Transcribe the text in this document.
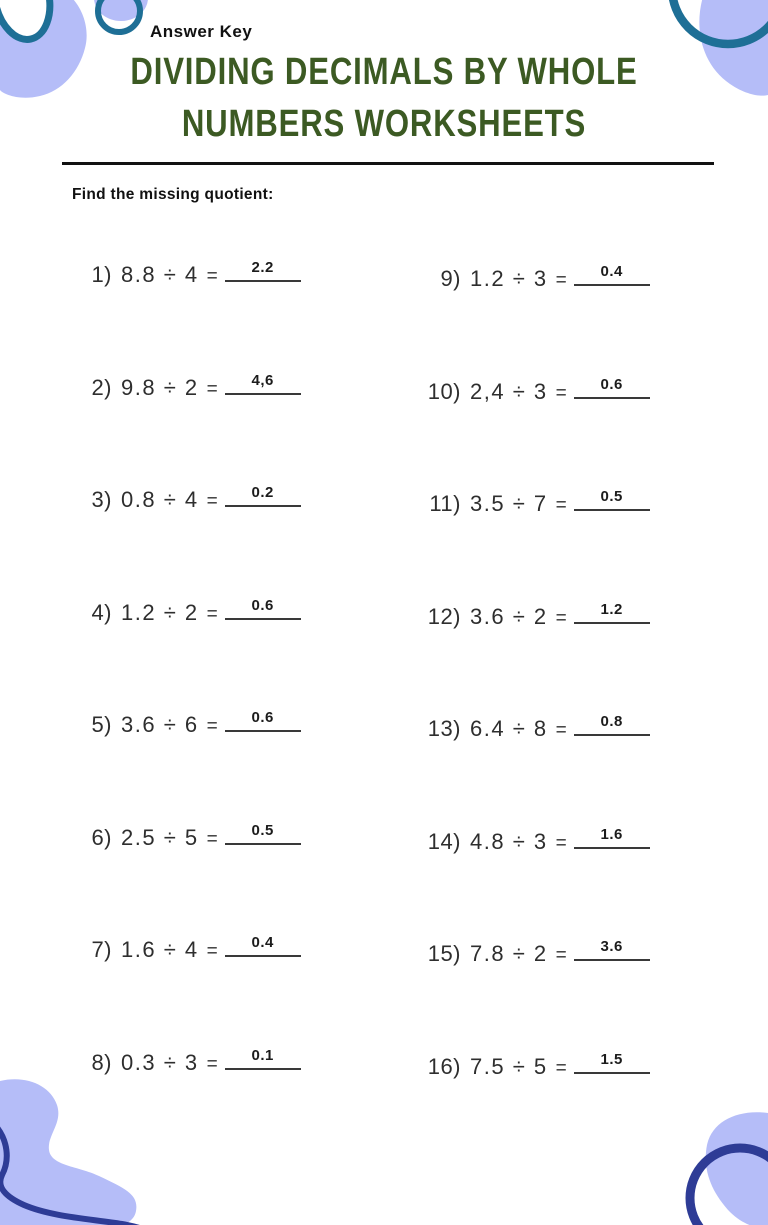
Answer Key
DIVIDING DECIMALS BY WHOLE
NUMBERS WORKSHEETS
Find the missing quotient:
1) 8.8 ÷ 4 =	2.2
2) 9.8 ÷ 2 =	4,6
3) 0.8 ÷ 4 =	0.2
4) 1.2 ÷ 2 =	0.6
5) 3.6 ÷ 6 =	0.6
6) 2.5 ÷ 5 =	0.5
7) 1.6 ÷ 4 =	0.4
8) 0.3 ÷ 3 =	0.1
9) 1.2 ÷ 3 =	0.4
10) 2,4 ÷ 3 =	0.6
11) 3.5 ÷ 7 =	0.5
12) 3.6 ÷ 2 =	1.2
13) 6.4 ÷ 8 =	0.8
14) 4.8 ÷ 3 =	1.6
15) 7.8 ÷ 2 =	3.6
16) 7.5 ÷ 5 =	1.5
